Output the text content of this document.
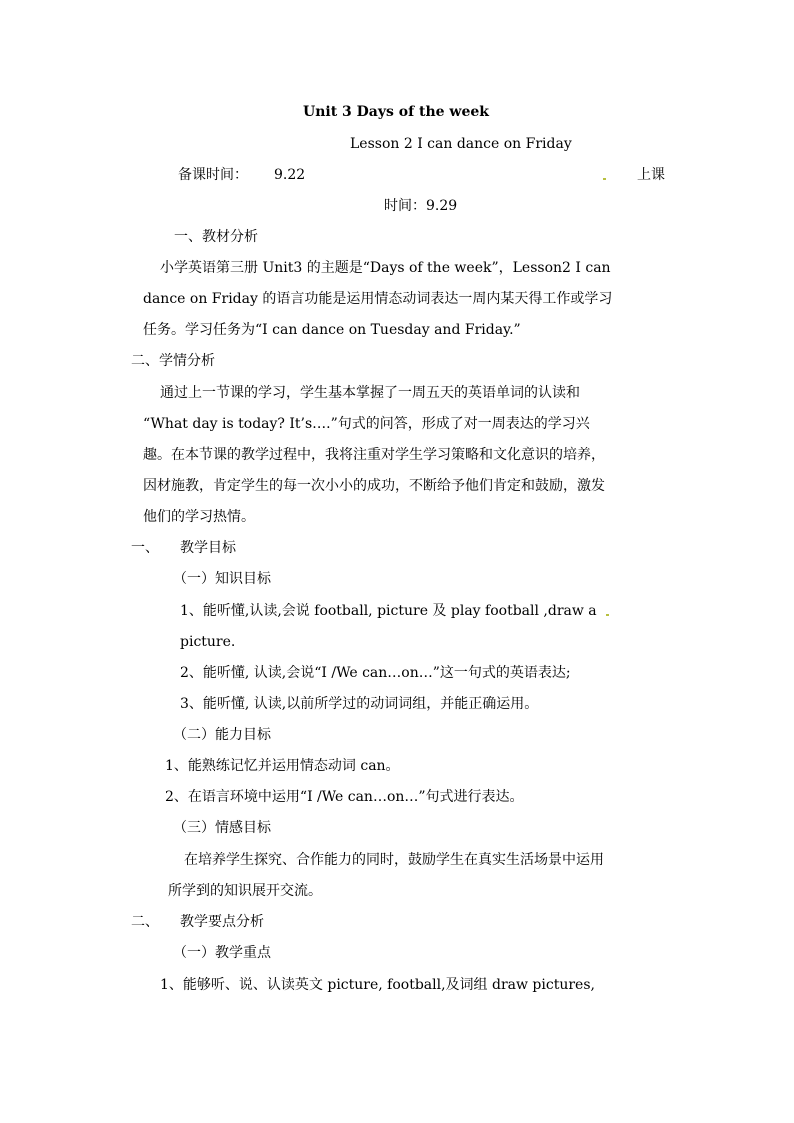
Unit 3 Days of the week
Lesson 2 I can dance on Friday
备课时间： 9.22	上课
时间：9.29
一、教材分析
小学英语第三册 Unit3 的主题是“Days of the week”，Lesson2 I can
dance on Friday 的语言功能是运用情态动词表达一周内某天得工作或学习
任务。学习任务为“I can dance on Tuesday and Friday.”
二、学情分析
通过上一节课的学习，学生基本掌握了一周五天的英语单词的认读和
“What day is today? It’s….”句式的问答，形成了对一周表达的学习兴
趣。在本节课的教学过程中，我将注重对学生学习策略和文化意识的培养，
因材施教，肯定学生的每一次小小的成功，不断给予他们肯定和鼓励，激发
他们的学习热情。
一、 教学目标
（一）知识目标
1、能听懂,认读,会说 football, picture 及 play football ,draw a
picture.
2、能听懂, 认读,会说“I /We can…on…”这一句式的英语表达;
3、能听懂, 认读,以前所学过的动词词组，并能正确运用。
（二）能力目标
1、能熟练记忆并运用情态动词 can。
2、在语言环境中运用“I /We can…on…”句式进行表达。
（三）情感目标
在培养学生探究、合作能力的同时，鼓励学生在真实生活场景中运用
所学到的知识展开交流。
二、 教学要点分析
（一）教学重点
1、能够听、说、认读英文 picture, football,及词组 draw pictures,
